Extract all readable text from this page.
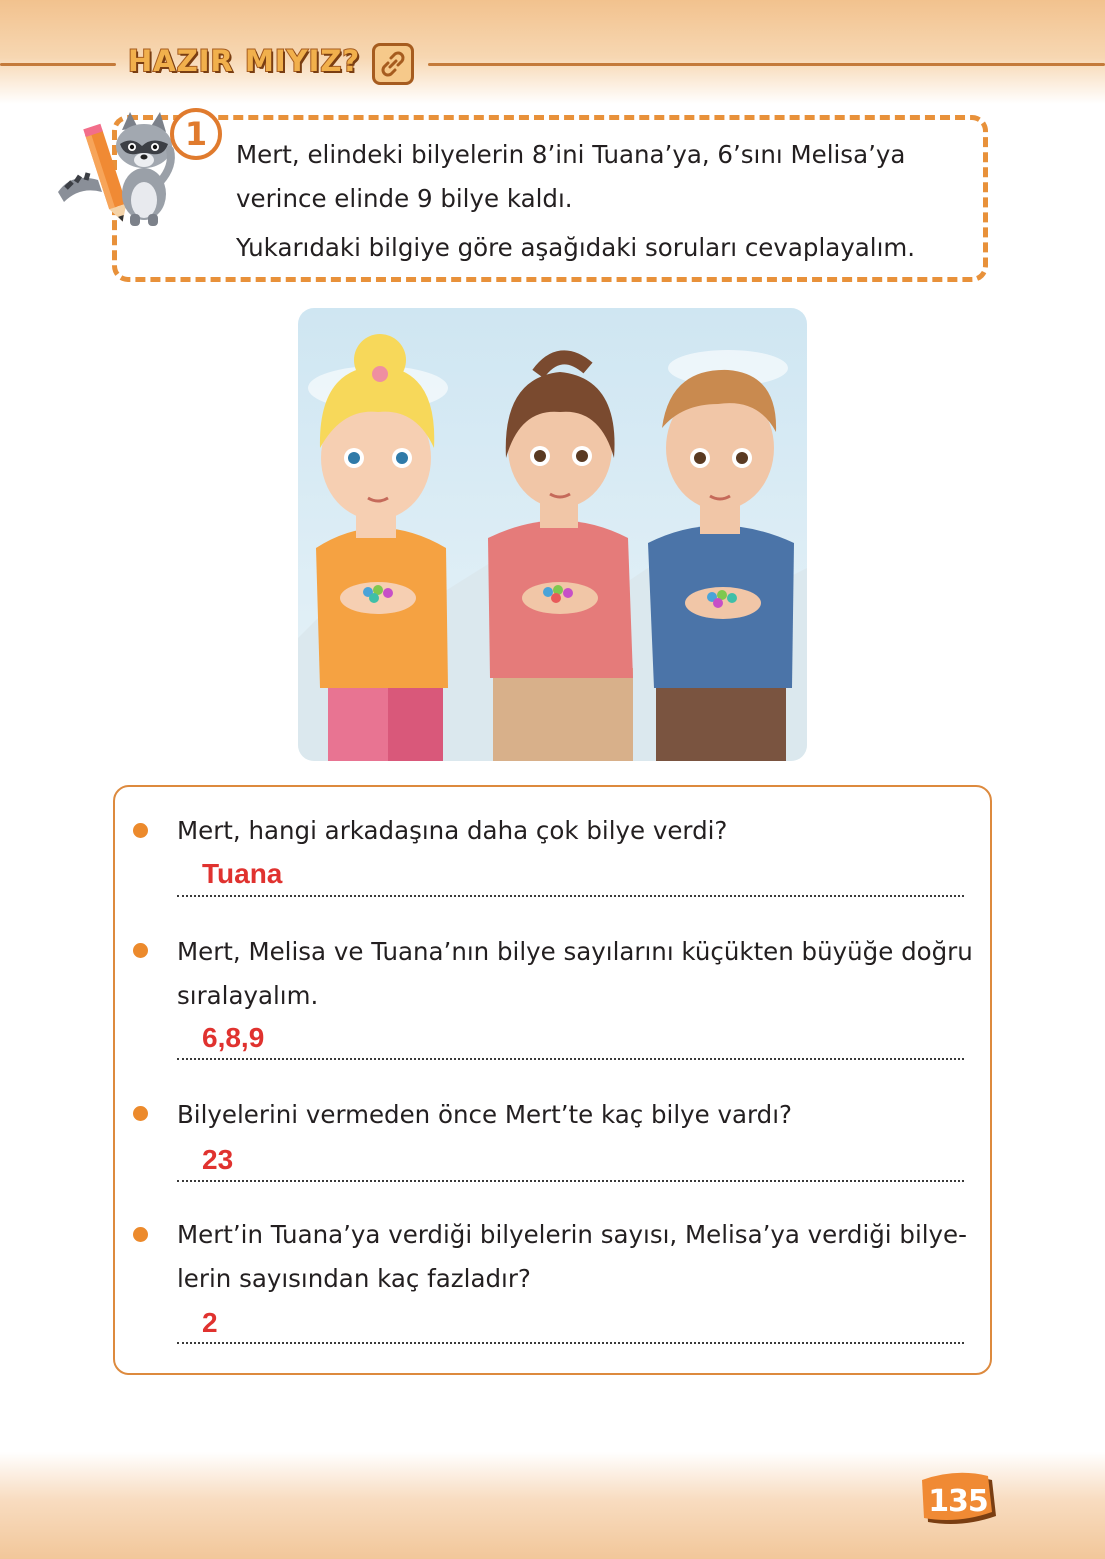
HAZIR MIYIZ?
1
Mert, elindeki bilyelerin 8’ini Tuana’ya, 6’sını Melisa’ya
verince elinde 9 bilye kaldı.
Yukarıdaki bilgiye göre aşağıdaki soruları cevaplayalım.
Mert, hangi arkadaşına daha çok bilye verdi?
Tuana
Mert, Melisa ve Tuana’nın bilye sayılarını küçükten büyüğe doğru
sıralayalım.
6,8,9
Bilyelerini vermeden önce Mert’te kaç bilye vardı?
23
Mert’in Tuana’ya verdiği bilyelerin sayısı, Melisa’ya verdiği bilye-
lerin sayısından kaç fazladır?
2
135
